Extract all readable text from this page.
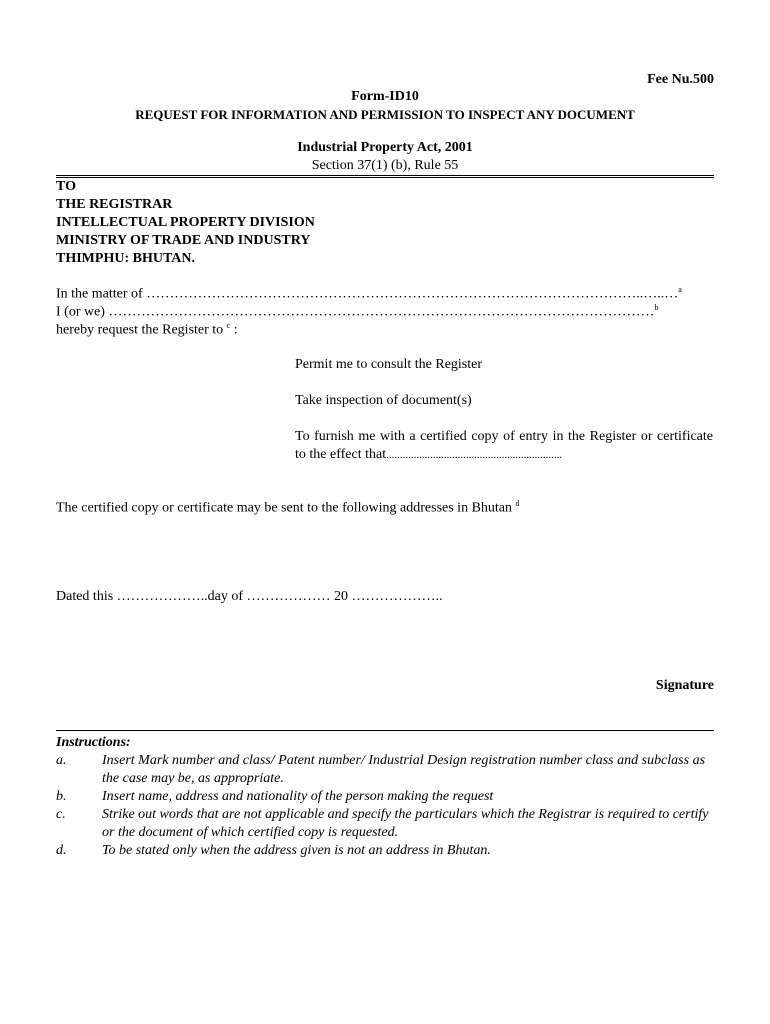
Fee Nu.500
Form-ID10
REQUEST FOR INFORMATION AND PERMISSION TO INSPECT ANY DOCUMENT
Industrial Property Act, 2001
Section 37(1) (b), Rule 55
TO
THE REGISTRAR
INTELLECTUAL PROPERTY DIVISION
MINISTRY OF TRADE AND INDUSTRY
THIMPHU: BHUTAN.
In the matter of ……………………………………………………………………………………………..…..…$^a$
I (or we) ………………………………………………………………………………………………………$^b$
hereby request the Register to $^c$ :
Permit me to consult the Register
Take inspection of document(s)
To furnish me with a certified copy of entry in the Register or certificate to the effect that................................................................
The certified copy or certificate may be sent to the following addresses in Bhutan $^d$
Dated this ………………..day of ……………… 20 ………………..
Signature
Instructions:
a.	Insert Mark number and class/ Patent number/ Industrial Design registration number class and subclass as the case may be, as appropriate.
b.	Insert name, address and nationality of the person making the request
c.	Strike out words that are not applicable and specify the particulars which the Registrar is required to certify or the document of which certified copy is requested.
d.	To be stated only when the address given is not an address in Bhutan.
